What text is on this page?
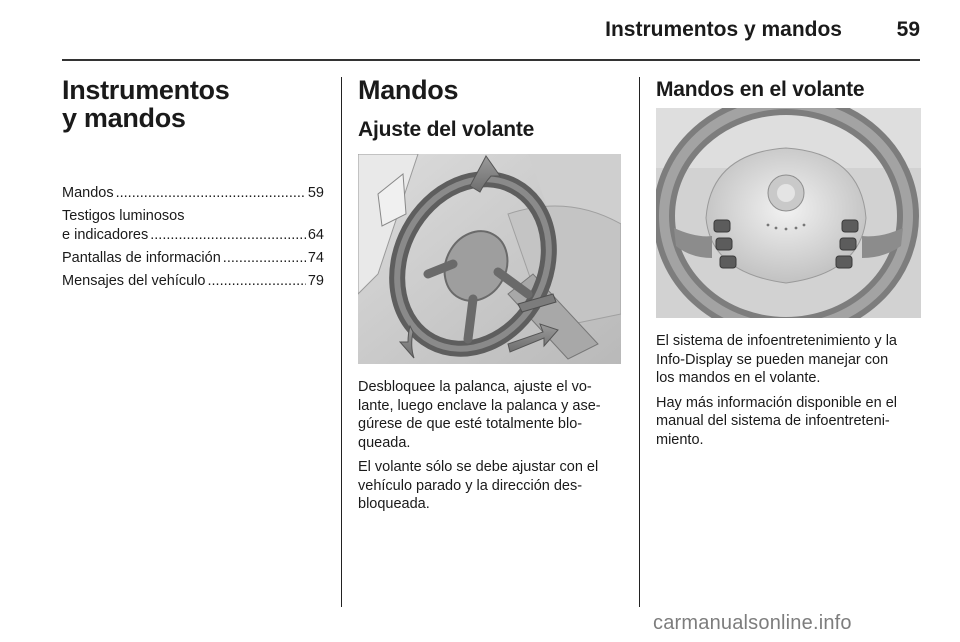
Instrumentos y mandos	59
Instrumentos
y mandos
Mandos .....	59
Testigos luminosos
e indicadores .....	64
Pantallas de información .....	74
Mensajes del vehículo .....	79
Mandos
Ajuste del volante

Desbloquee la palanca, ajuste el vo-
lante, luego enclave la palanca y ase-
gúrese de que esté totalmente blo-
queada.

El volante sólo se debe ajustar con el
vehículo parado y la dirección des-
bloqueada.

Mandos en el volante

El sistema de infoentretenimiento y la
Info-Display se pueden manejar con
los mandos en el volante.

Hay más información disponible en el
manual del sistema de infoentreteni-
miento.

carmanualsonline.info
